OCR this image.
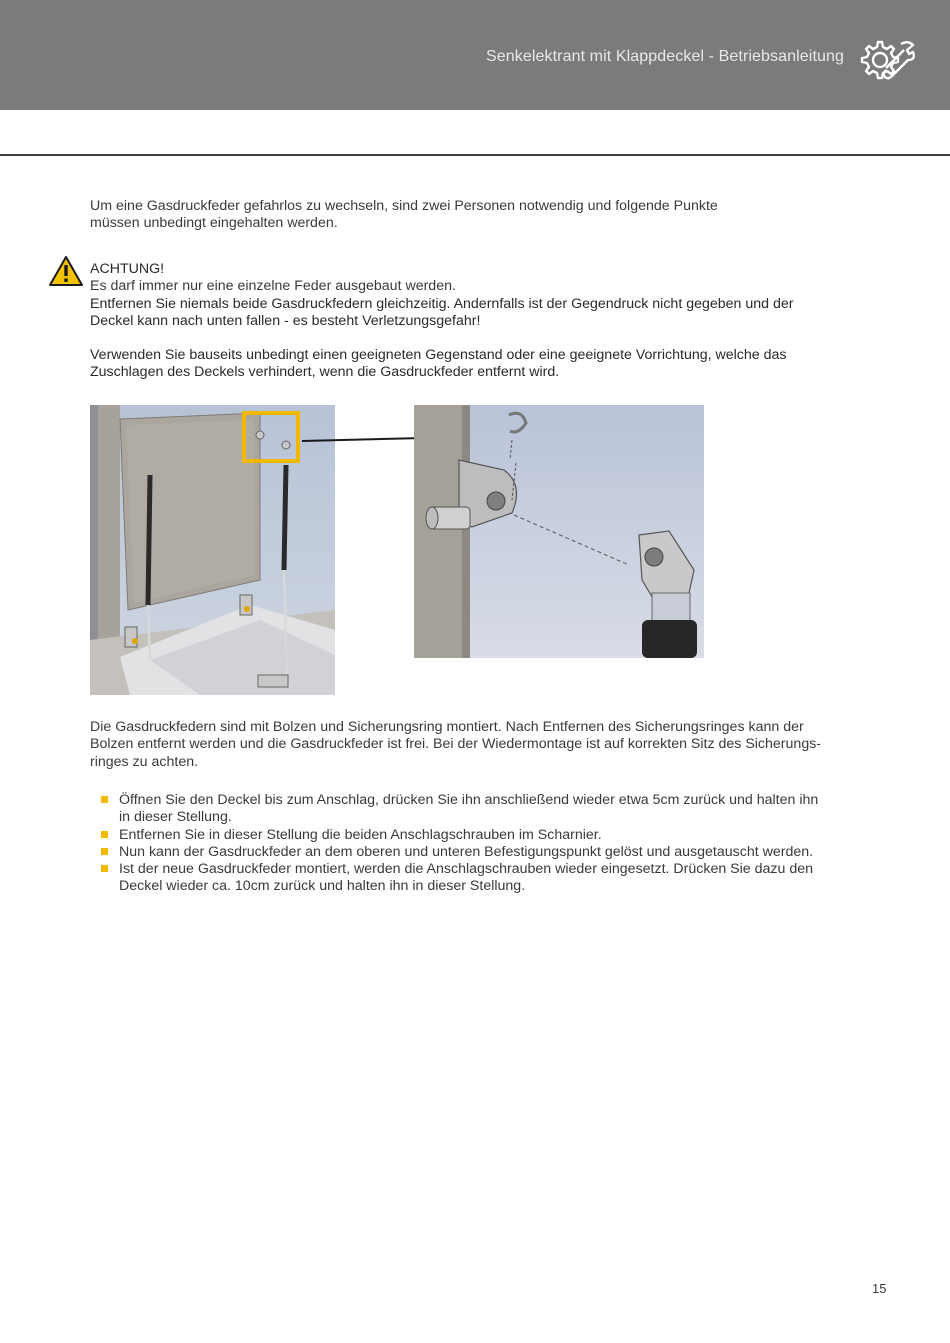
Senkelektrant mit Klappdeckel - Betriebsanleitung

Um eine Gasdruckfeder gefahrlos zu wechseln, sind zwei Personen notwendig und folgende Punkte

müssen unbedingt eingehalten werden.

ACHTUNG!

Es darf immer nur eine einzelne Feder ausgebaut werden.

Entfernen Sie niemals beide Gasdruckfedern gleichzeitig. Andernfalls ist der Gegendruck nicht gegeben und der

Deckel kann nach unten fallen - es besteht Verletzungsgefahr!

Verwenden Sie bauseits unbedingt einen geeigneten Gegenstand oder eine geeignete Vorrichtung, welche das

Zuschlagen des Deckels verhindert, wenn die Gasdruckfeder entfernt wird.

Die Gasdruckfedern sind mit Bolzen und Sicherungsring montiert. Nach Entfernen des Sicherungsringes kann der

Bolzen entfernt werden und die Gasdruckfeder ist frei. Bei der Wiedermontage ist auf korrekten Sitz des Sicherungs-

ringes zu achten.

Öffnen Sie den Deckel bis zum Anschlag, drücken Sie ihn anschließend wieder etwa 5cm zurück und halten ihn
in dieser Stellung.
Entfernen Sie in dieser Stellung die beiden Anschlagschrauben im Scharnier.
Nun kann der Gasdruckfeder an dem oberen und unteren Befestigungspunkt gelöst und ausgetauscht werden.
Ist der neue Gasdruckfeder montiert, werden die Anschlagschrauben wieder eingesetzt. Drücken Sie dazu den
Deckel wieder ca. 10cm zurück und halten ihn in dieser Stellung.
15
